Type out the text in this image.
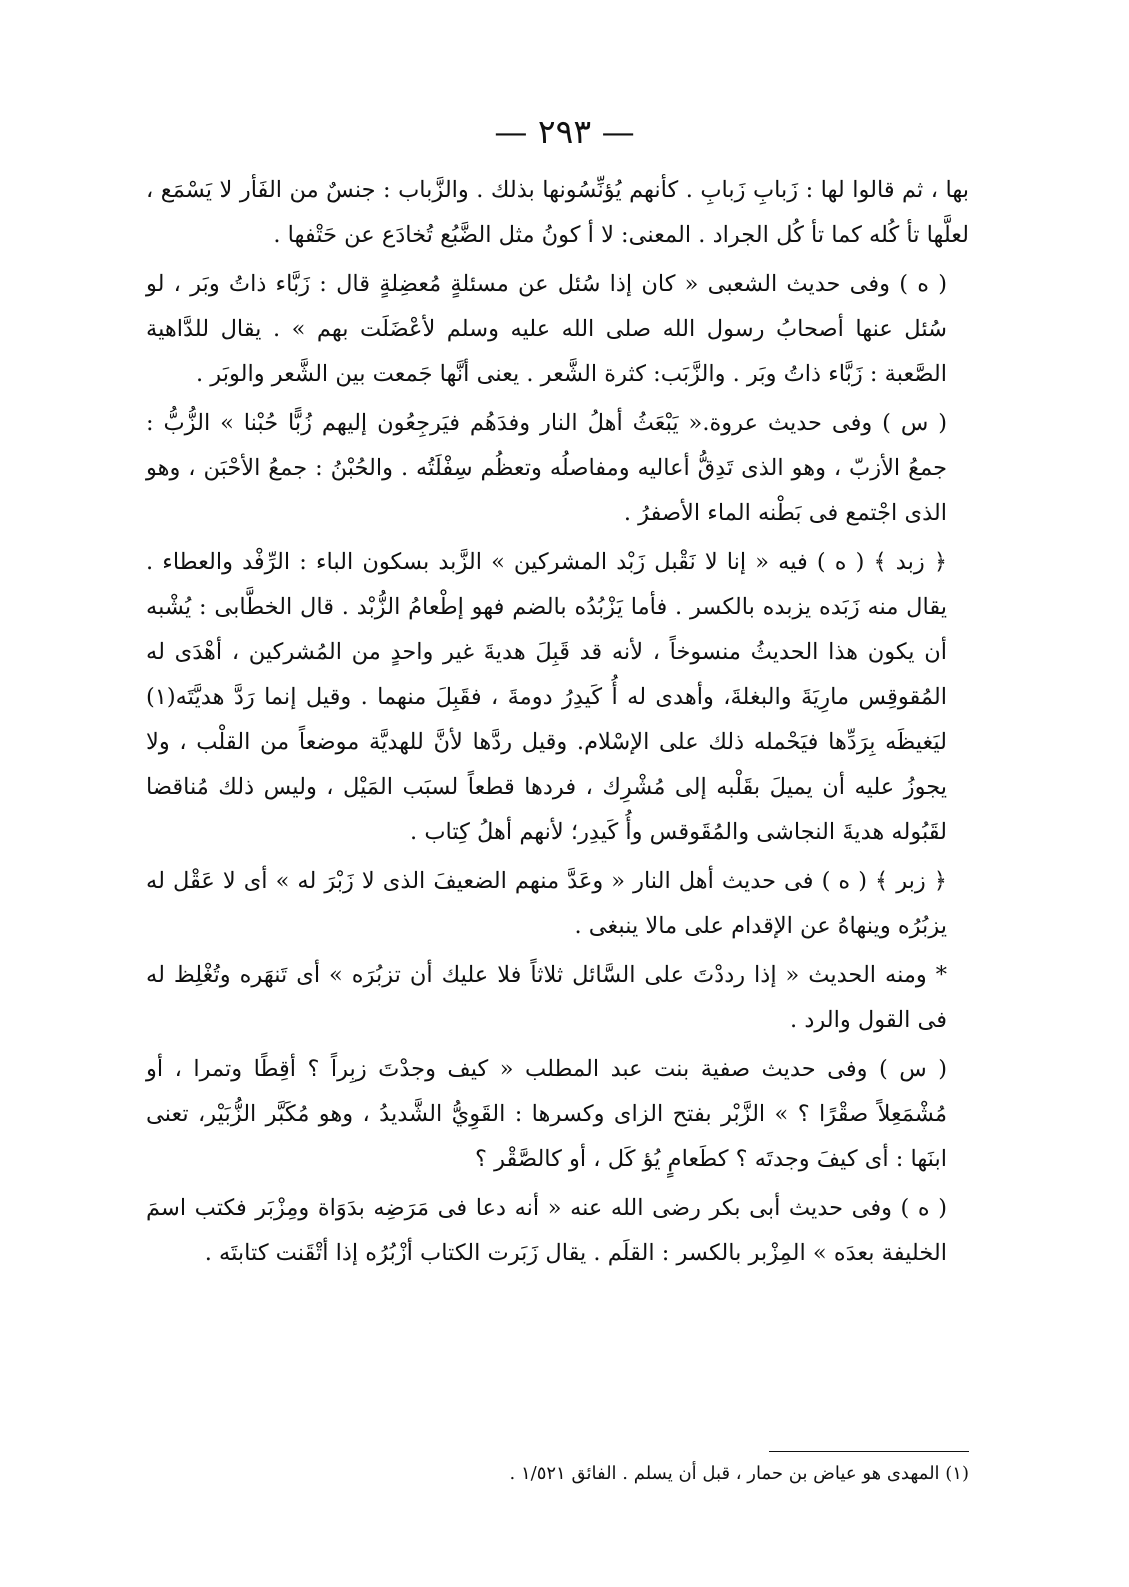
— ٢٩٣ —

بها ، ثم قالوا لها : زَبابِ زَبابِ . كأنهم يُؤنِّسُونها بذلك . والزَّباب : جنسٌ من الفَأر لا يَسْمَع ، لعلَّها تأ كُله كما تأ كُل الجراد . المعنى: لا أ كونُ مثل الضَّبُع تُخادَع عن حَتْفها .

( ه ) وفى حديث الشعبى « كان إذا سُئل عن مسئلةٍ مُعضِلةٍ قال : زَبَّاء ذاتُ وبَر ، لو سُئل عنها أصحابُ رسول الله صلى الله عليه وسلم لأعْضَلَت بهم » . يقال للدَّاهية الصَّعبة : زَبَّاء ذاتُ وبَر . والزَّبَب: كثرة الشَّعر . يعنى أنَّها جَمعت بين الشَّعر والوبَر .

( س ) وفى حديث عروة.« يَبْعَثُ أهلُ النار وفدَهُم فيَرجِعُون إليهم زُبًّا حُبْنا » الزُّبُّ : جمعُ الأزبّ ، وهو الذى تَدِقُّ أعاليه ومفاصلُه وتعظُم سِفْلَتُه . والحُبْنُ : جمعُ الأحْبَن ، وهو الذى اجْتمع فى بَطْنه الماء الأصفرُ .

﴿ زبد ﴾ ( ه ) فيه « إنا لا نَقْبل زَبْد المشركين » الزَّبد بسكون الباء : الرِّفْد والعطاء . يقال منه زَبَده يزبده بالكسر . فأما يَزْبُدُه بالضم فهو إطْعامُ الزُّبْد . قال الخطَّابى : يُشْبه أن يكون هذا الحديثُ منسوخاً ، لأنه قد قَبِلَ هديةَ غير واحدٍ من المُشركين ، أهْدَى له المُقوقِس مارِيَةَ والبغلةَ، وأهدى له أُ كَيدِرُ دومةَ ، فقَبِلَ منهما . وقيل إنما رَدَّ هديَّتَه(١) ليَغيظَه بِرَدِّها فيَحْمله ذلك على الإسْلام. وقيل ردَّها لأنَّ للهديَّة موضعاً من القلْب ، ولا يجوزُ عليه أن يميلَ بقَلْبه إلى مُشْرِك ، فردها قطعاً لسبَب المَيْل ، وليس ذلك مُناقضا لقَبُوله هديةَ النجاشى والمُقَوقس وأُ كَيدِر؛ لأنهم أهلُ كِتاب .

﴿ زبر ﴾ ( ه ) فى حديث أهل النار « وعَدَّ منهم الضعيفَ الذى لا زَبْرَ له » أى لا عَقْل له يزبُرُه وينهاهُ عن الإقدام على مالا ينبغى .

* ومنه الحديث « إذا رددْتَ على السَّائل ثلاثاً فلا عليك أن تزبُرَه » أى تَنهَره وتُغْلِظ له فى القول والرد .

( س ) وفى حديث صفية بنت عبد المطلب « كيف وجدْتَ زبِراً ؟ أقِطًا وتمرا ، أو مُشْمَعِلاً صقْرًا ؟ » الزَّبْر بفتح الزاى وكسرها : القَوِيُّ الشَّديدُ ، وهو مُكَبَّر الزُّبَيْر، تعنى ابنَها : أى كيفَ وجدتَه ؟ كطَعامٍ يُؤ كَل ، أو كالصَّقْر ؟

( ه ) وفى حديث أبى بكر رضى الله عنه « أنه دعا فى مَرَضِه بدَوَاة ومِزْبَر فكتب اسمَ الخليفة بعدَه » المِزْبر بالكسر : القلَم . يقال زَبَرت الكتاب أزْبُرُه إذا أتْقَنت كتابتَه .

(١) المهدى هو عياض بن حمار ، قبل أن يسلم . الفائق ١/٥٢١ .
